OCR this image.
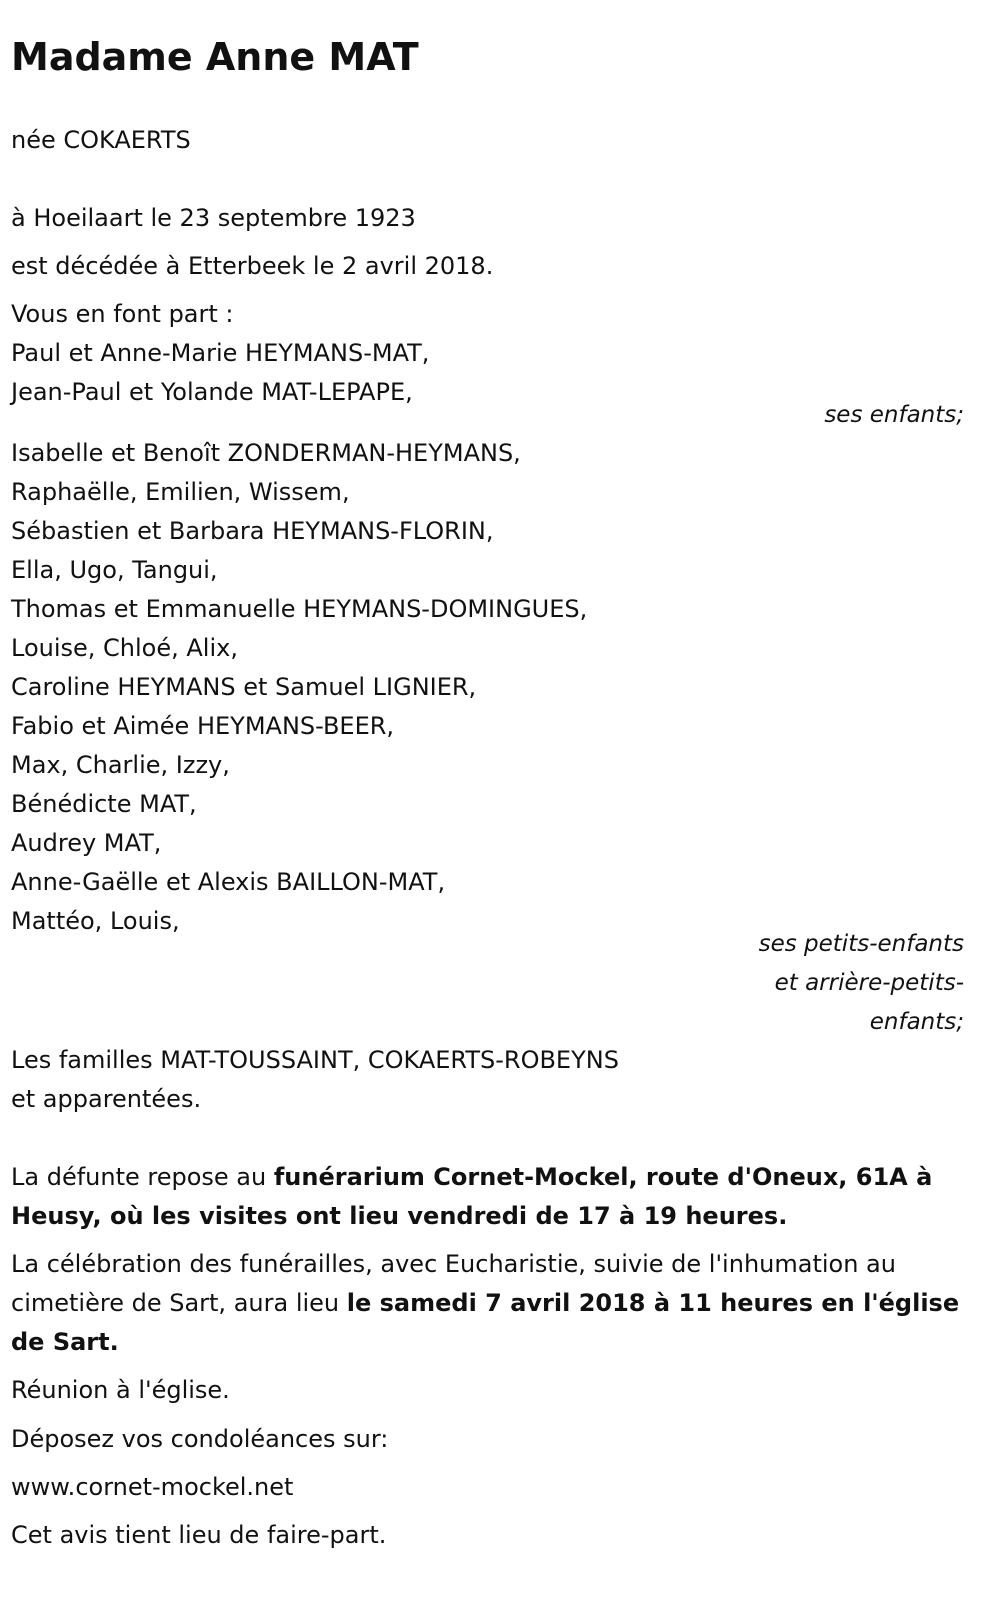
Madame Anne MAT
née COKAERTS
à Hoeilaart le 23 septembre 1923
est décédée à Etterbeek le 2 avril 2018.
Vous en font part :
Paul et Anne-Marie HEYMANS-MAT,
Jean-Paul et Yolande MAT-LEPAPE,
ses enfants;
Isabelle et Benoît ZONDERMAN-HEYMANS,
Raphaëlle, Emilien, Wissem,
Sébastien et Barbara HEYMANS-FLORIN,
Ella, Ugo, Tangui,
Thomas et Emmanuelle HEYMANS-DOMINGUES,
Louise, Chloé, Alix,
Caroline HEYMANS et Samuel LIGNIER,
Fabio et Aimée HEYMANS-BEER,
Max, Charlie, Izzy,
Bénédicte MAT,
Audrey MAT,
Anne-Gaëlle et Alexis BAILLON-MAT,
Mattéo, Louis,
ses petits-enfants
et arrière-petits-
enfants;
Les familles MAT-TOUSSAINT, COKAERTS-ROBEYNS
et apparentées.
La défunte repose au funérarium Cornet-Mockel, route d'Oneux, 61A à
Heusy, où les visites ont lieu vendredi de 17 à 19 heures.
La célébration des funérailles, avec Eucharistie, suivie de l'inhumation au
cimetière de Sart, aura lieu le samedi 7 avril 2018 à 11 heures en l'église
de Sart.
Réunion à l'église.
Déposez vos condoléances sur:
www.cornet-mockel.net
Cet avis tient lieu de faire-part.
